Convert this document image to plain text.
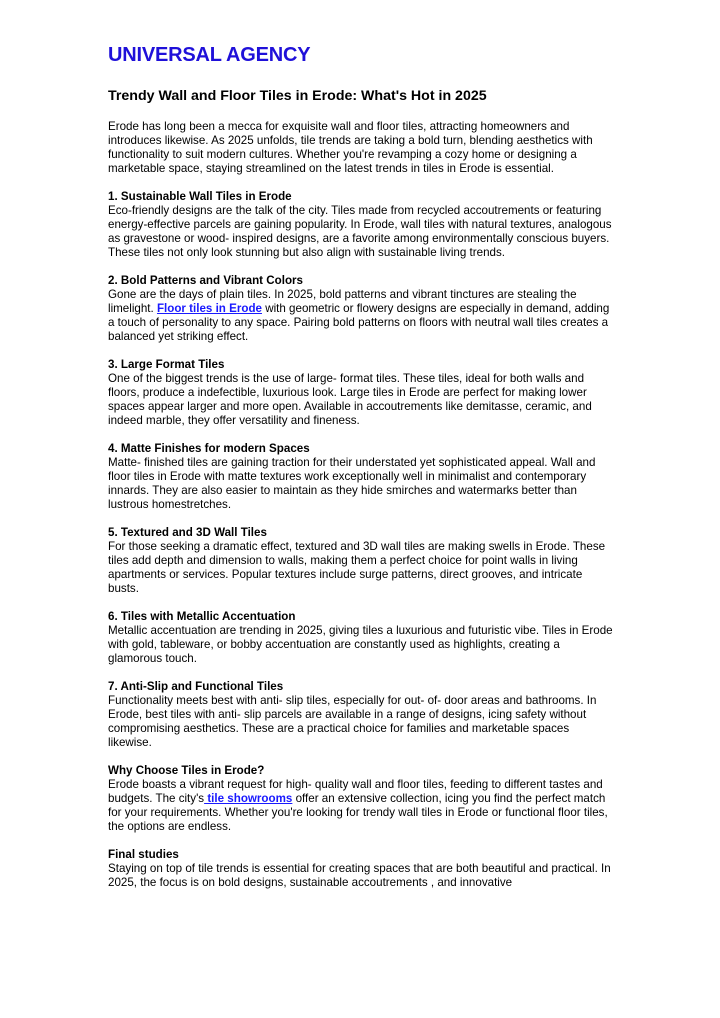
UNIVERSAL AGENCY
Trendy Wall and Floor Tiles in Erode: What's Hot in 2025

Erode has long been a mecca for exquisite wall and floor tiles, attracting homeowners and introduces likewise. As 2025 unfolds, tile trends are taking a bold turn, blending aesthetics with functionality to suit modern cultures. Whether you're revamping a cozy home or designing a marketable space, staying streamlined on the latest trends in tiles in Erode is essential.

1. Sustainable Wall Tiles in Erode

Eco-friendly designs are the talk of the city. Tiles made from recycled accoutrements or featuring energy-effective parcels are gaining popularity. In Erode, wall tiles with natural textures, analogous as gravestone or wood- inspired designs, are a favorite among environmentally conscious buyers. These tiles not only look stunning but also align with sustainable living trends.

2. Bold Patterns and Vibrant Colors

Gone are the days of plain tiles. In 2025, bold patterns and vibrant tinctures are stealing the limelight. Floor tiles in Erode with geometric or flowery designs are especially in demand, adding a touch of personality to any space. Pairing bold patterns on floors with neutral wall tiles creates a balanced yet striking effect.

3. Large Format Tiles

One of the biggest trends is the use of large- format tiles. These tiles, ideal for both walls and floors, produce a indefectible, luxurious look. Large tiles in Erode are perfect for making lower spaces appear larger and more open. Available in accoutrements like demitasse, ceramic, and indeed marble, they offer versatility and fineness.

4. Matte Finishes for modern Spaces

Matte- finished tiles are gaining traction for their understated yet sophisticated appeal. Wall and floor tiles in Erode with matte textures work exceptionally well in minimalist and contemporary innards. They are also easier to maintain as they hide smirches and watermarks better than lustrous homestretches.

5. Textured and 3D Wall Tiles

For those seeking a dramatic effect, textured and 3D wall tiles are making swells in Erode. These tiles add depth and dimension to walls, making them a perfect choice for point walls in living apartments or services. Popular textures include surge patterns, direct grooves, and intricate busts.

6. Tiles with Metallic Accentuation

Metallic accentuation are trending in 2025, giving tiles a luxurious and futuristic vibe. Tiles in Erode with gold, tableware, or bobby accentuation are constantly used as highlights, creating a glamorous touch.

7. Anti-Slip and Functional Tiles

Functionality meets best with anti- slip tiles, especially for out- of- door areas and bathrooms. In Erode, best tiles with anti- slip parcels are available in a range of designs, icing safety without compromising aesthetics. These are a practical choice for families and marketable spaces likewise.

Why Choose Tiles in Erode?

Erode boasts a vibrant request for high- quality wall and floor tiles, feeding to different tastes and budgets. The city's tile showrooms offer an extensive collection, icing you find the perfect match for your requirements. Whether you're looking for trendy wall tiles in Erode or functional floor tiles, the options are endless.

Final studies

Staying on top of tile trends is essential for creating spaces that are both beautiful and practical. In 2025, the focus is on bold designs, sustainable accoutrements , and innovative
